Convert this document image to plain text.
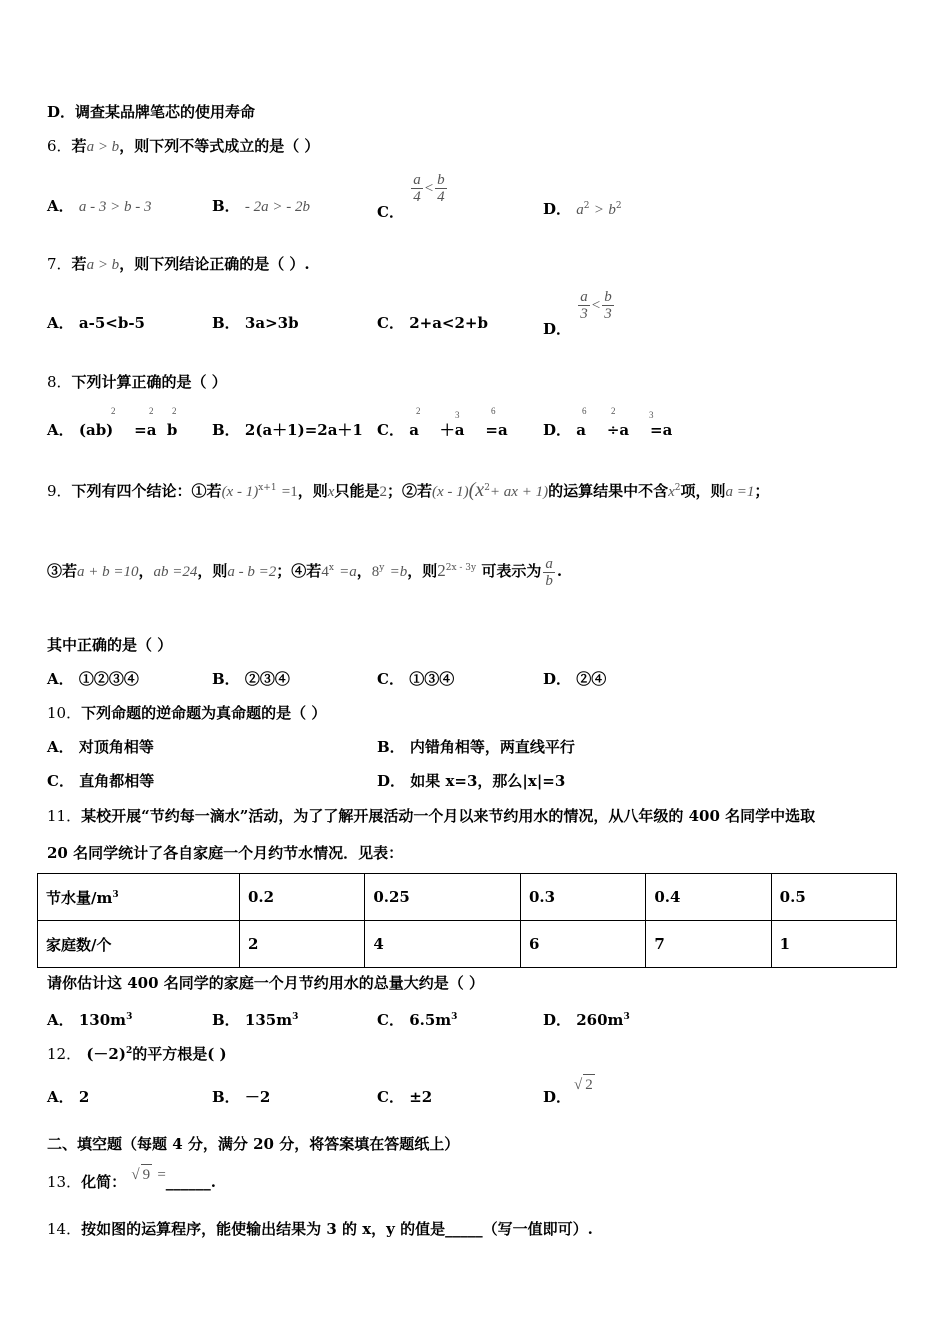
D．调查某品牌笔芯的使用寿命
6．若a > b，则下列不等式成立的是（ ）
A． a - 3 > b - 3	B． - 2a > - 2b	C．
$\frac{a}{4} < \frac{b}{4}$
D． $a^2 > b^2$
7．若a > b，则下列结论正确的是（ ）.
A． a-5<b-5	B． 3a>3b	C． 2+a<2+b	D．
$\frac{a}{3} < \frac{b}{3}$
8．下列计算正确的是（ ）
A． (ab)    =a  b
2	2 2
B． 2(a＋1)=2a＋1 C． a    ＋a    =a
2	3	6
D． a    ÷a    =a
6	2	3
9．下列有四个结论：①若(x - 1)$^{x+1}$ =1，则x只能是2；②若$(x - 1)(x^2+$ ax + 1)的运算结果中不含$x^2$项，则a =1；
③若a + b =10，ab =24，则a - b =2；④若$4^x =a$，$8^y =b$，则$2^{2x - 3y}$ 可表示为 $\frac{a}{b}$ .
其中正确的是（ ）
A． ①②③④	B． ②③④	C． ①③④	D． ②④
10．下列命题的逆命题为真命题的是（ ）
A． 对顶角相等	B． 内错角相等，两直线平行
C． 直角都相等	D． 如果 x=3，那么|x|=3
11．某校开展“节约每一滴水”活动，为了了解开展活动一个月以来节约用水的情况，从八年级的 400 名同学中选取
20 名同学统计了各自家庭一个月约节水情况．见表：
节水量$/m^3$	0.2	0.25	0.3	0.4	0.5
家庭数/个	2	4	6	7	1
请你估计这 400 名同学的家庭一个月节约用水的总量大约是（ ）
A． $130m^3$	B． $135m^3$	C． $6.5m^3$	D． $260m^3$
12． $(-2)^2$的平方根是( )
A． 2	B． －2	C． ±2	D．
√ 2
二、填空题（每题 4 分，满分 20 分，将答案填在答题纸上）
13．化简： √ 9 =______.
14．按如图的运算程序，能使输出结果为 3 的 x，y 的值是_____（写一值即可）.
